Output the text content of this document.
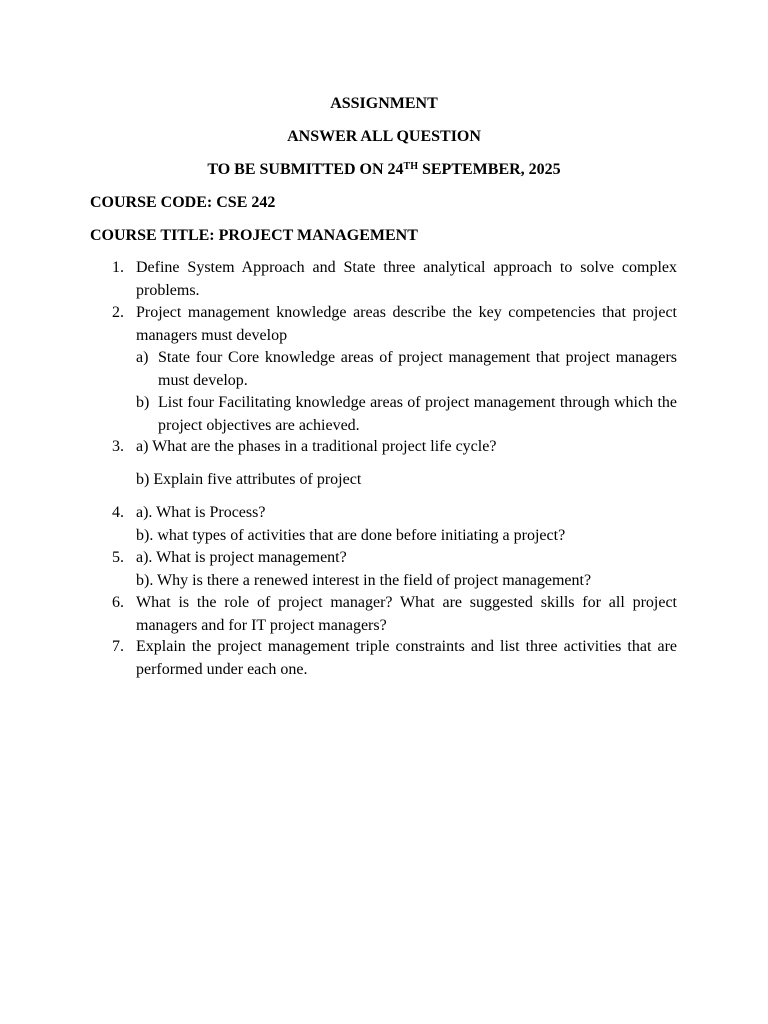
ASSIGNMENT
ANSWER ALL QUESTION
TO BE SUBMITTED ON 24TH SEPTEMBER, 2025
COURSE CODE: CSE 242
COURSE TITLE: PROJECT MANAGEMENT
1. Define System Approach and State three analytical approach to solve complex problems.
2. Project management knowledge areas describe the key competencies that project managers must develop
a) State four Core knowledge areas of project management that project managers must develop.
b) List four Facilitating knowledge areas of project management through which the project objectives are achieved.
3. a) What are the phases in a traditional project life cycle?
b) Explain five attributes of project
4. a). What is Process?
b). what types of activities that are done before initiating a project?
5. a). What is project management?
b). Why is there a renewed interest in the field of project management?
6. What is the role of project manager? What are suggested skills for all project managers and for IT project managers?
7. Explain the project management triple constraints and list three activities that are performed under each one.
